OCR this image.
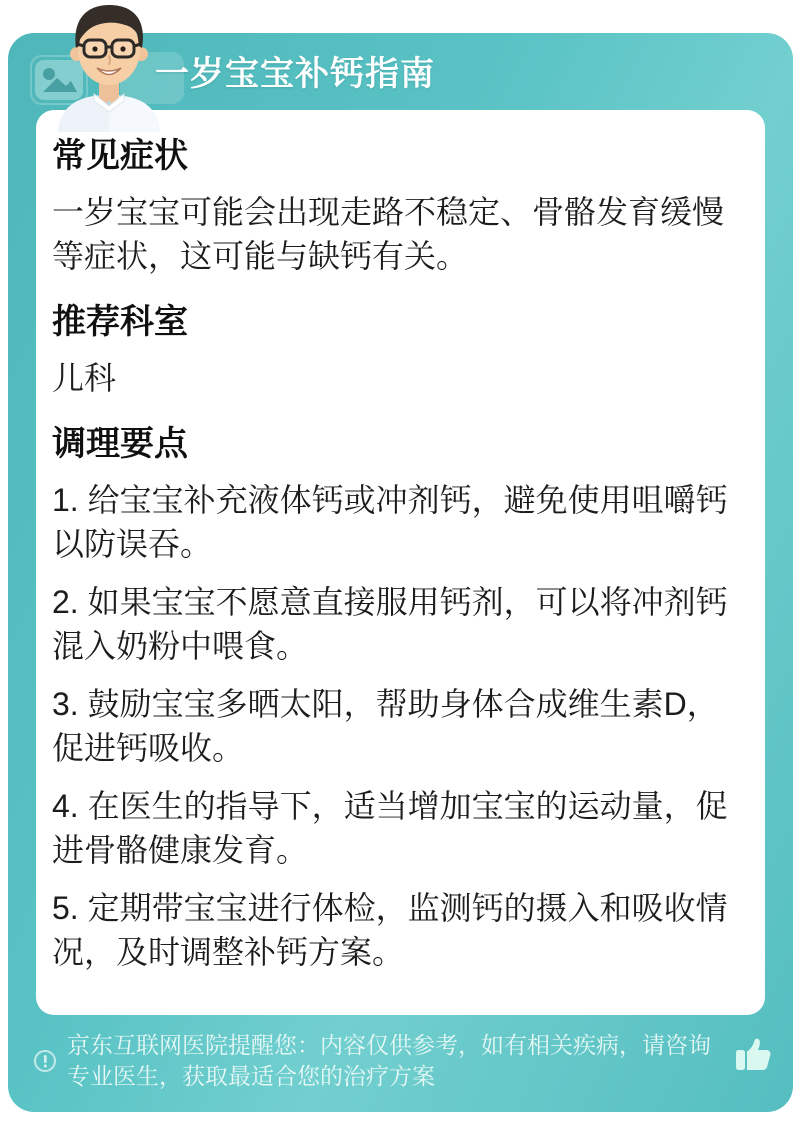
一岁宝宝补钙指南
常见症状

一岁宝宝可能会出现走路不稳定、骨骼发育缓慢等症状，这可能与缺钙有关。

推荐科室

儿科

调理要点

1. 给宝宝补充液体钙或冲剂钙，避免使用咀嚼钙以防误吞。

2. 如果宝宝不愿意直接服用钙剂，可以将冲剂钙混入奶粉中喂食。

3. 鼓励宝宝多晒太阳，帮助身体合成维生素D，促进钙吸收。

4. 在医生的指导下，适当增加宝宝的运动量，促进骨骼健康发育。

5. 定期带宝宝进行体检，监测钙的摄入和吸收情况，及时调整补钙方案。

京东互联网医院提醒您：内容仅供参考，如有相关疾病，请咨询专业医生，获取最适合您的治疗方案
